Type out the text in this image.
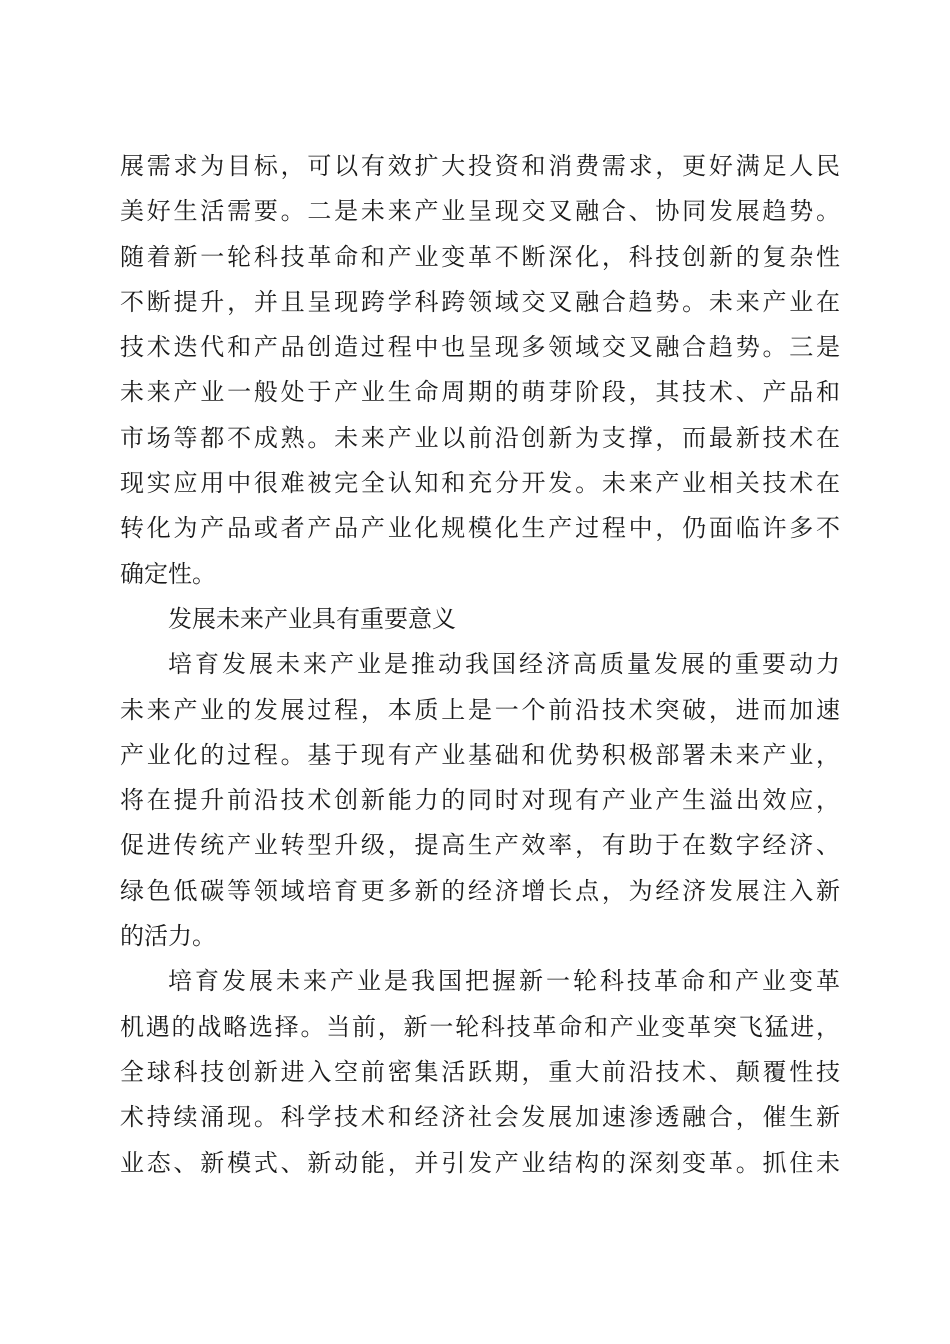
展需求为目标，可以有效扩大投资和消费需求，更好满足人民
美好生活需要。二是未来产业呈现交叉融合、协同发展趋势。
随着新一轮科技革命和产业变革不断深化，科技创新的复杂性
不断提升，并且呈现跨学科跨领域交叉融合趋势。未来产业在
技术迭代和产品创造过程中也呈现多领域交叉融合趋势。三是
未来产业一般处于产业生命周期的萌芽阶段，其技术、产品和
市场等都不成熟。未来产业以前沿创新为支撑，而最新技术在
现实应用中很难被完全认知和充分开发。未来产业相关技术在
转化为产品或者产品产业化规模化生产过程中，仍面临许多不
确定性。
发展未来产业具有重要意义
培育发展未来产业是推动我国经济高质量发展的重要动力
未来产业的发展过程，本质上是一个前沿技术突破，进而加速
产业化的过程。基于现有产业基础和优势积极部署未来产业，
将在提升前沿技术创新能力的同时对现有产业产生溢出效应，
促进传统产业转型升级，提高生产效率，有助于在数字经济、
绿色低碳等领域培育更多新的经济增长点，为经济发展注入新
的活力。
培育发展未来产业是我国把握新一轮科技革命和产业变革
机遇的战略选择。当前，新一轮科技革命和产业变革突飞猛进，
全球科技创新进入空前密集活跃期，重大前沿技术、颠覆性技
术持续涌现。科学技术和经济社会发展加速渗透融合，催生新
业态、新模式、新动能，并引发产业结构的深刻变革。抓住未
